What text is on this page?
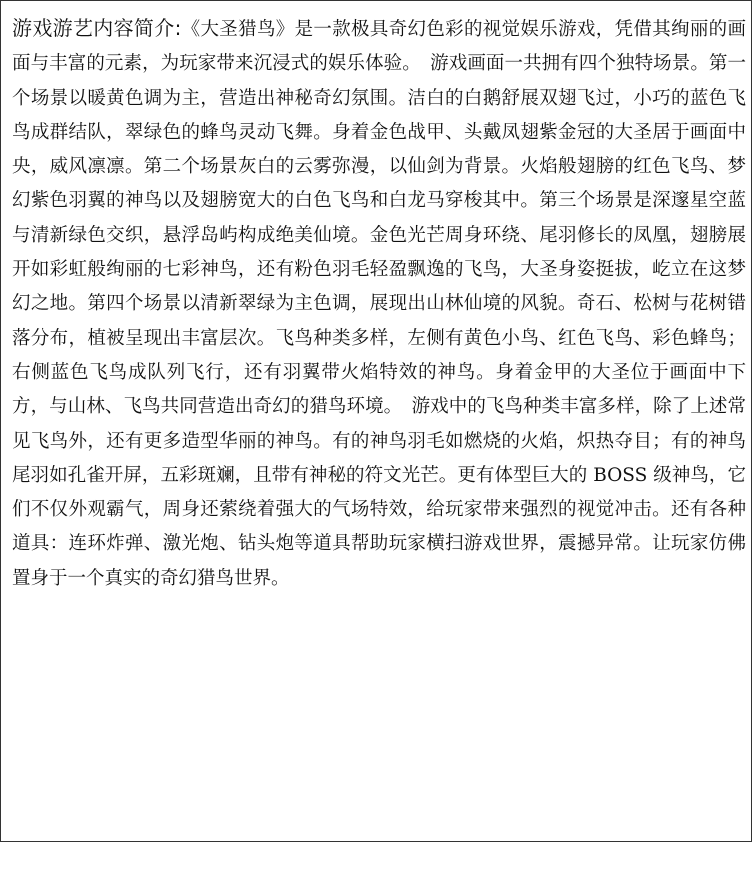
游戏游艺内容简介:《大圣猎鸟》是一款极具奇幻色彩的视觉娱乐游戏，凭借其绚丽的画面与丰富的元素，为玩家带来沉浸式的娱乐体验。　游戏画面一共拥有四个独特场景。第一个场景以暖黄色调为主，营造出神秘奇幻氛围。洁白的白鹅舒展双翅飞过，小巧的蓝色飞鸟成群结队，翠绿色的蜂鸟灵动飞舞。身着金色战甲、头戴凤翅紫金冠的大圣居于画面中央，威风凛凛。第二个场景灰白的云雾弥漫，以仙剑为背景。火焰般翅膀的红色飞鸟、梦幻紫色羽翼的神鸟以及翅膀宽大的白色飞鸟和白龙马穿梭其中。第三个场景是深邃星空蓝与清新绿色交织，悬浮岛屿构成绝美仙境。金色光芒周身环绕、尾羽修长的凤凰，翅膀展开如彩虹般绚丽的七彩神鸟，还有粉色羽毛轻盈飘逸的飞鸟，大圣身姿挺拔，屹立在这梦幻之地。第四个场景以清新翠绿为主色调，展现出山林仙境的风貌。奇石、松树与花树错落分布，植被呈现出丰富层次。飞鸟种类多样，左侧有黄色小鸟、红色飞鸟、彩色蜂鸟；右侧蓝色飞鸟成队列飞行，还有羽翼带火焰特效的神鸟。身着金甲的大圣位于画面中下方，与山林、飞鸟共同营造出奇幻的猎鸟环境。　游戏中的飞鸟种类丰富多样，除了上述常见飞鸟外，还有更多造型华丽的神鸟。有的神鸟羽毛如燃烧的火焰，炽热夺目；有的神鸟尾羽如孔雀开屏，五彩斑斓，且带有神秘的符文光芒。更有体型巨大的 BOSS 级神鸟，它们不仅外观霸气，周身还萦绕着强大的气场特效，给玩家带来强烈的视觉冲击。还有各种道具：连环炸弹、激光炮、钻头炮等道具帮助玩家横扫游戏世界，震撼异常。让玩家仿佛置身于一个真实的奇幻猎鸟世界。
